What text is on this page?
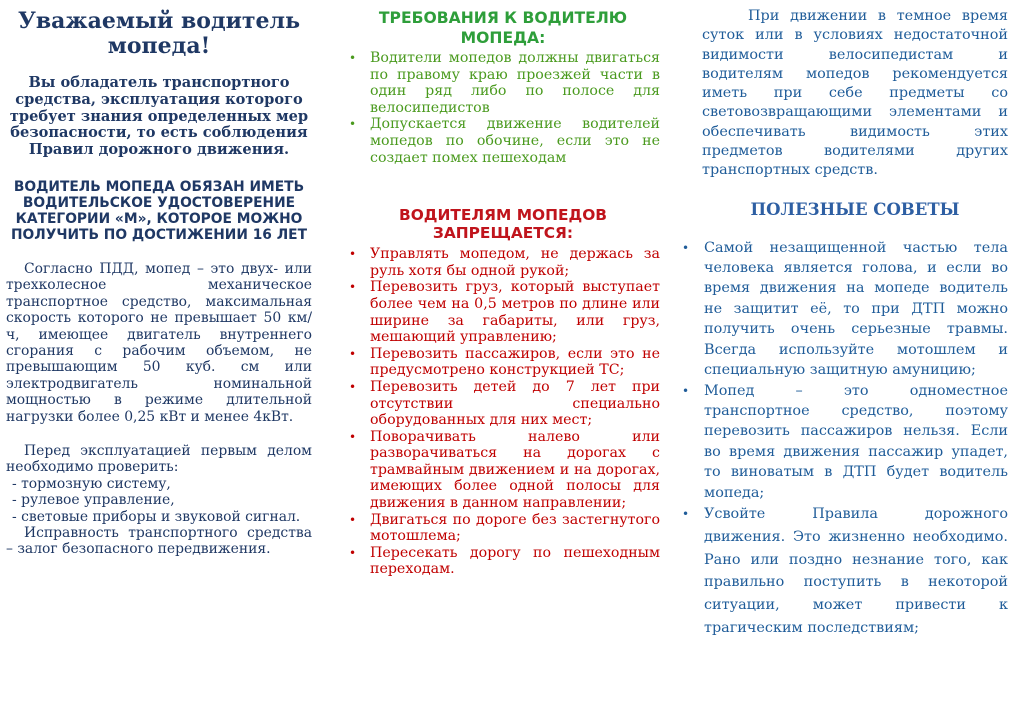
Уважаемый водитель мопеда!

Вы обладатель транспортного средства, эксплуатация которого требует знания определенных мер безопасности, то есть соблюдения Правил дорожного движения.

ВОДИТЕЛЬ МОПЕДА ОБЯЗАН ИМЕТЬ ВОДИТЕЛЬСКОЕ УДОСТОВЕРЕНИЕ КАТЕГОРИИ «М», КОТОРОЕ МОЖНО ПОЛУЧИТЬ ПО ДОСТИЖЕНИИ 16 ЛЕТ

Согласно ПДД, мопед – это двух- или трехколесное механическое транспортное средство, максимальная скорость которого не превышает 50 км/ч, имеющее двигатель внутреннего сгорания с рабочим объемом, не превышающим 50 куб. см или электродвигатель номинальной мощностью в режиме длительной нагрузки более 0,25 кВт и менее 4кВт.

Перед эксплуатацией первым делом необходимо проверить:

- тормозную систему,
- рулевое управление,
- световые приборы и звуковой сигнал.

Исправность транспортного средства – залог безопасного передвижения.

ТРЕБОВАНИЯ К ВОДИТЕЛЮ МОПЕДА:
• Водители мопедов должны двигаться по правому краю проезжей части в один ряд либо по полосе для велосипедистов
• Допускается движение водителей мопедов по обочине, если это не создает помех пешеходам
ВОДИТЕЛЯМ МОПЕДОВ ЗАПРЕЩАЕТСЯ:
• Управлять мопедом, не держась за руль хотя бы одной рукой;
• Перевозить груз, который выступает более чем на 0,5 метров по длине или ширине за габариты, или груз, мешающий управлению;
• Перевозить пассажиров, если это не предусмотрено конструкцией ТС;
• Перевозить детей до 7 лет при отсутствии специально оборудованных для них мест;
• Поворачивать налево или разворачиваться на дорогах с трамвайным движением и на дорогах, имеющих более одной полосы для движения в данном направлении;
• Двигаться по дороге без застегнутого мотошлема;
• Пересекать дорогу по пешеходным переходам.

При движении в темное время суток или в условиях недостаточной видимости велосипедистам и водителям мопедов рекомендуется иметь при себе предметы со световозвращающими элементами и обеспечивать видимость этих предметов водителями других транспортных средств.

ПОЛЕЗНЫЕ СОВЕТЫ
• Самой незащищенной частью тела человека является голова, и если во время движения на мопеде водитель не защитит её, то при ДТП можно получить очень серьезные травмы. Всегда используйте мотошлем и специальную защитную амуницию;
• Мопед – это одноместное транспортное средство, поэтому перевозить пассажиров нельзя. Если во время движения пассажир упадет, то виноватым в ДТП будет водитель мопеда;
• Усвойте Правила дорожного движения. Это жизненно необходимо. Рано или поздно незнание того, как правильно поступить в некоторой ситуации, может привести к трагическим последствиям;
